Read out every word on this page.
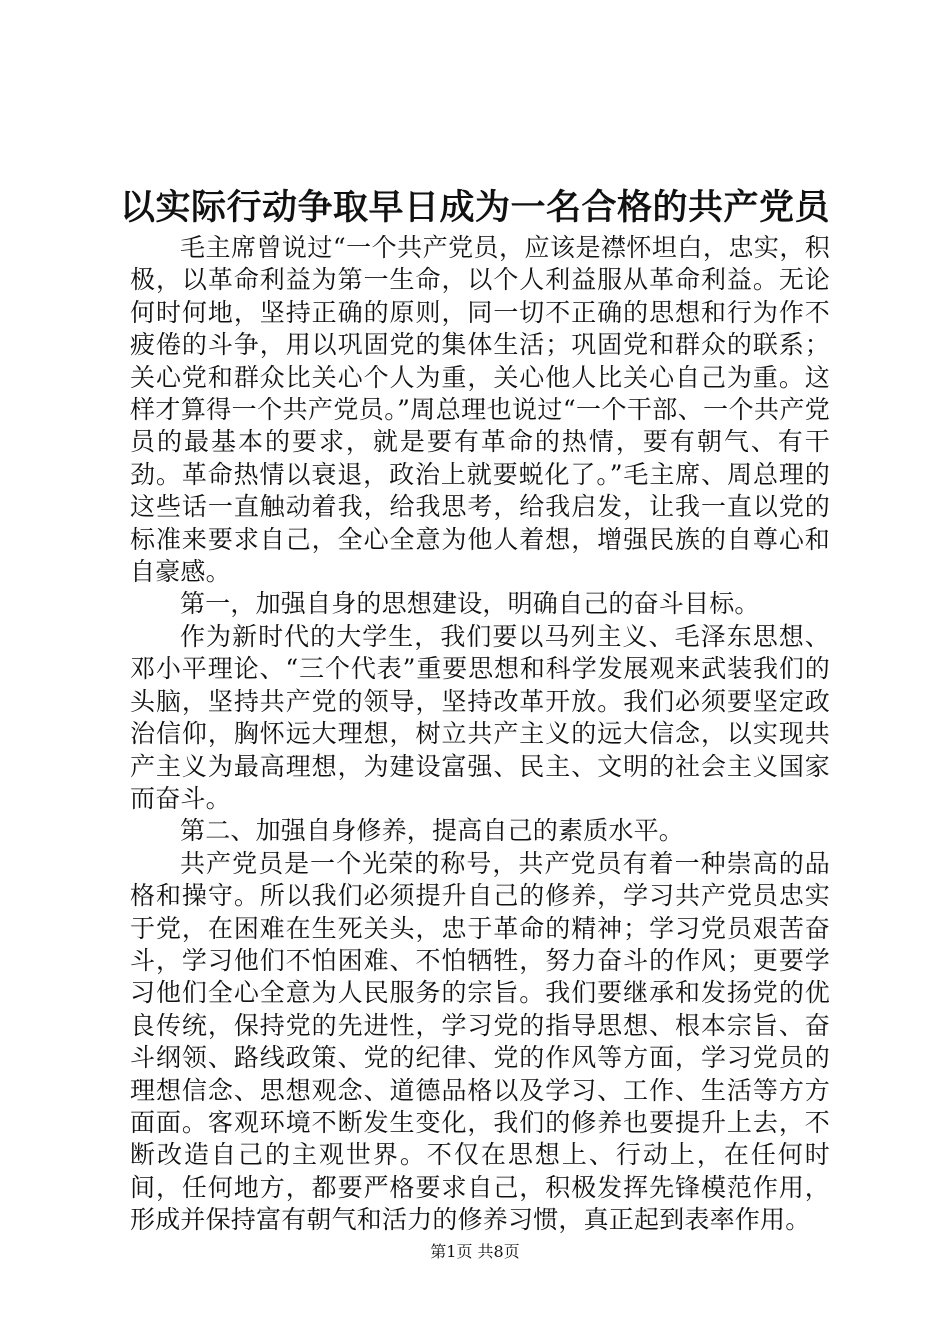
以实际行动争取早日成为一名合格的共产党员

毛主席曾说过“一个共产党员，应该是襟怀坦白，忠实，积极，以革命利益为第一生命，以个人利益服从革命利益。无论何时何地，坚持正确的原则，同一切不正确的思想和行为作不疲倦的斗争，用以巩固党的集体生活；巩固党和群众的联系；关心党和群众比关心个人为重，关心他人比关心自己为重。这样才算得一个共产党员。”周总理也说过“一个干部、一个共产党员的最基本的要求，就是要有革命的热情，要有朝气、有干劲。革命热情以衰退，政治上就要蜕化了。”毛主席、周总理的这些话一直触动着我，给我思考，给我启发，让我一直以党的标准来要求自己，全心全意为他人着想，增强民族的自尊心和自豪感。

第一，加强自身的思想建设，明确自己的奋斗目标。

作为新时代的大学生，我们要以马列主义、毛泽东思想、邓小平理论、“三个代表”重要思想和科学发展观来武装我们的头脑，坚持共产党的领导，坚持改革开放。我们必须要坚定政治信仰，胸怀远大理想，树立共产主义的远大信念，以实现共产主义为最高理想，为建设富强、民主、文明的社会主义国家而奋斗。

第二、加强自身修养，提高自己的素质水平。

共产党员是一个光荣的称号，共产党员有着一种崇高的品格和操守。所以我们必须提升自己的修养，学习共产党员忠实于党，在困难在生死关头，忠于革命的精神；学习党员艰苦奋斗，学习他们不怕困难、不怕牺牲，努力奋斗的作风；更要学习他们全心全意为人民服务的宗旨。我们要继承和发扬党的优良传统，保持党的先进性，学习党的指导思想、根本宗旨、奋斗纲领、路线政策、党的纪律、党的作风等方面，学习党员的理想信念、思想观念、道德品格以及学习、工作、生活等方方面面。客观环境不断发生变化，我们的修养也要提升上去，不断改造自己的主观世界。不仅在思想上、行动上，在任何时间，任何地方，都要严格要求自己，积极发挥先锋模范作用，形成并保持富有朝气和活力的修养习惯，真正起到表率作用。

第1页 共8页
